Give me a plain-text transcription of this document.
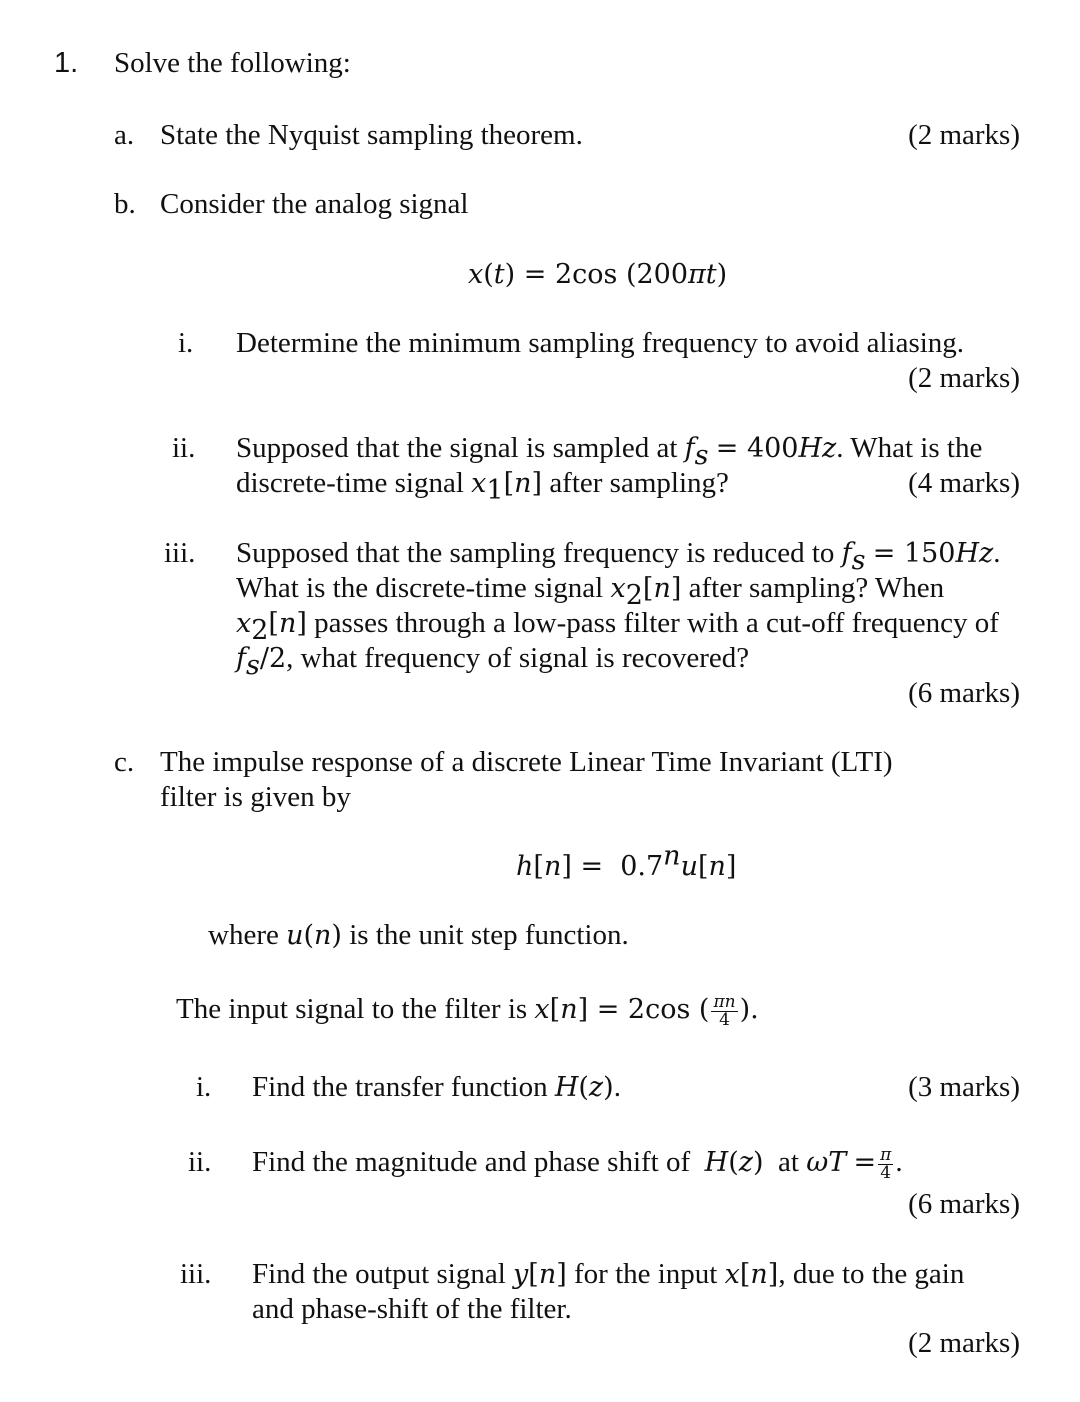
1. Solve the following:
a. State the Nyquist sampling theorem.	(2 marks)
b. Consider the analog signal
x(t) = 2cos (200πt)
i. Determine the minimum sampling frequency to avoid aliasing.
(2 marks)
ii. Supposed that the signal is sampled at $f_s = 400Hz$. What is the
discrete-time signal $x_1[n]$ after sampling?	(4 marks)
iii. Supposed that the sampling frequency is reduced to $f_s = 150Hz$.
What is the discrete-time signal $x_2[n]$ after sampling? When
$x_2[n]$ passes through a low-pass filter with a cut-off frequency of
$f_s/2$, what frequency of signal is recovered?
(6 marks)
c. The impulse response of a discrete Linear Time Invariant (LTI)
filter is given by
h[n] =  0.7$^n$u[n]
where u(n) is the unit step function.
The input signal to the filter is x[n] = 2cos ( $\frac{\pi n}{4}$ ).
i. Find the transfer function H(z).	(3 marks)
ii. Find the magnitude and phase shift of  H(z)  at $\omega T = \frac{\pi}{4}$ .
(6 marks)
iii. Find the output signal y[n] for the input x[n], due to the gain
and phase-shift of the filter.
(2 marks)
